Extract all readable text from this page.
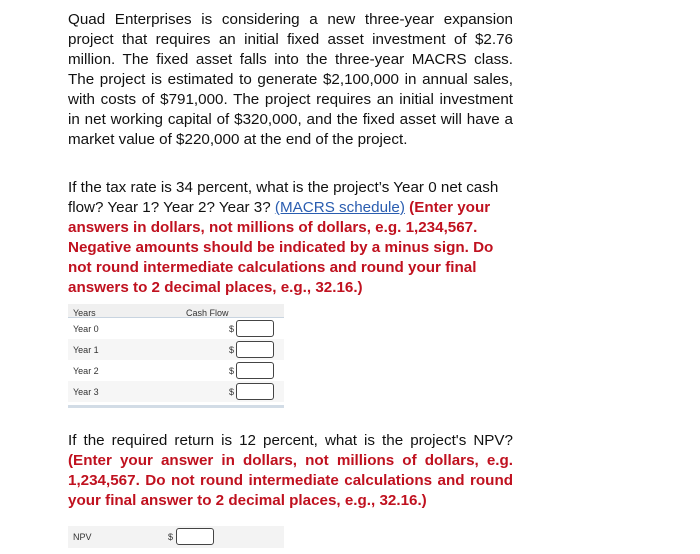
Quad Enterprises is considering a new three-year expansion project that requires an initial fixed asset investment of $2.76 million. The fixed asset falls into the three-year MACRS class. The project is estimated to generate $2,100,000 in annual sales, with costs of $791,000. The project requires an initial investment in net working capital of $320,000, and the fixed asset will have a market value of $220,000 at the end of the project.

If the tax rate is 34 percent, what is the project’s Year 0 net cash flow? Year 1? Year 2? Year 3? (MACRS schedule) (Enter your answers in dollars, not millions of dollars, e.g. 1,234,567. Negative amounts should be indicated by a minus sign. Do not round intermediate calculations and round your final answers to 2 decimal places, e.g., 32.16.)

Years	Cash Flow
Year 0	$
Year 1	$
Year 2	$
Year 3	$

If the required return is 12 percent, what is the project's NPV? (Enter your answer in dollars, not millions of dollars, e.g. 1,234,567. Do not round intermediate calculations and round your final answer to 2 decimal places, e.g., 32.16.)

NPV	$
